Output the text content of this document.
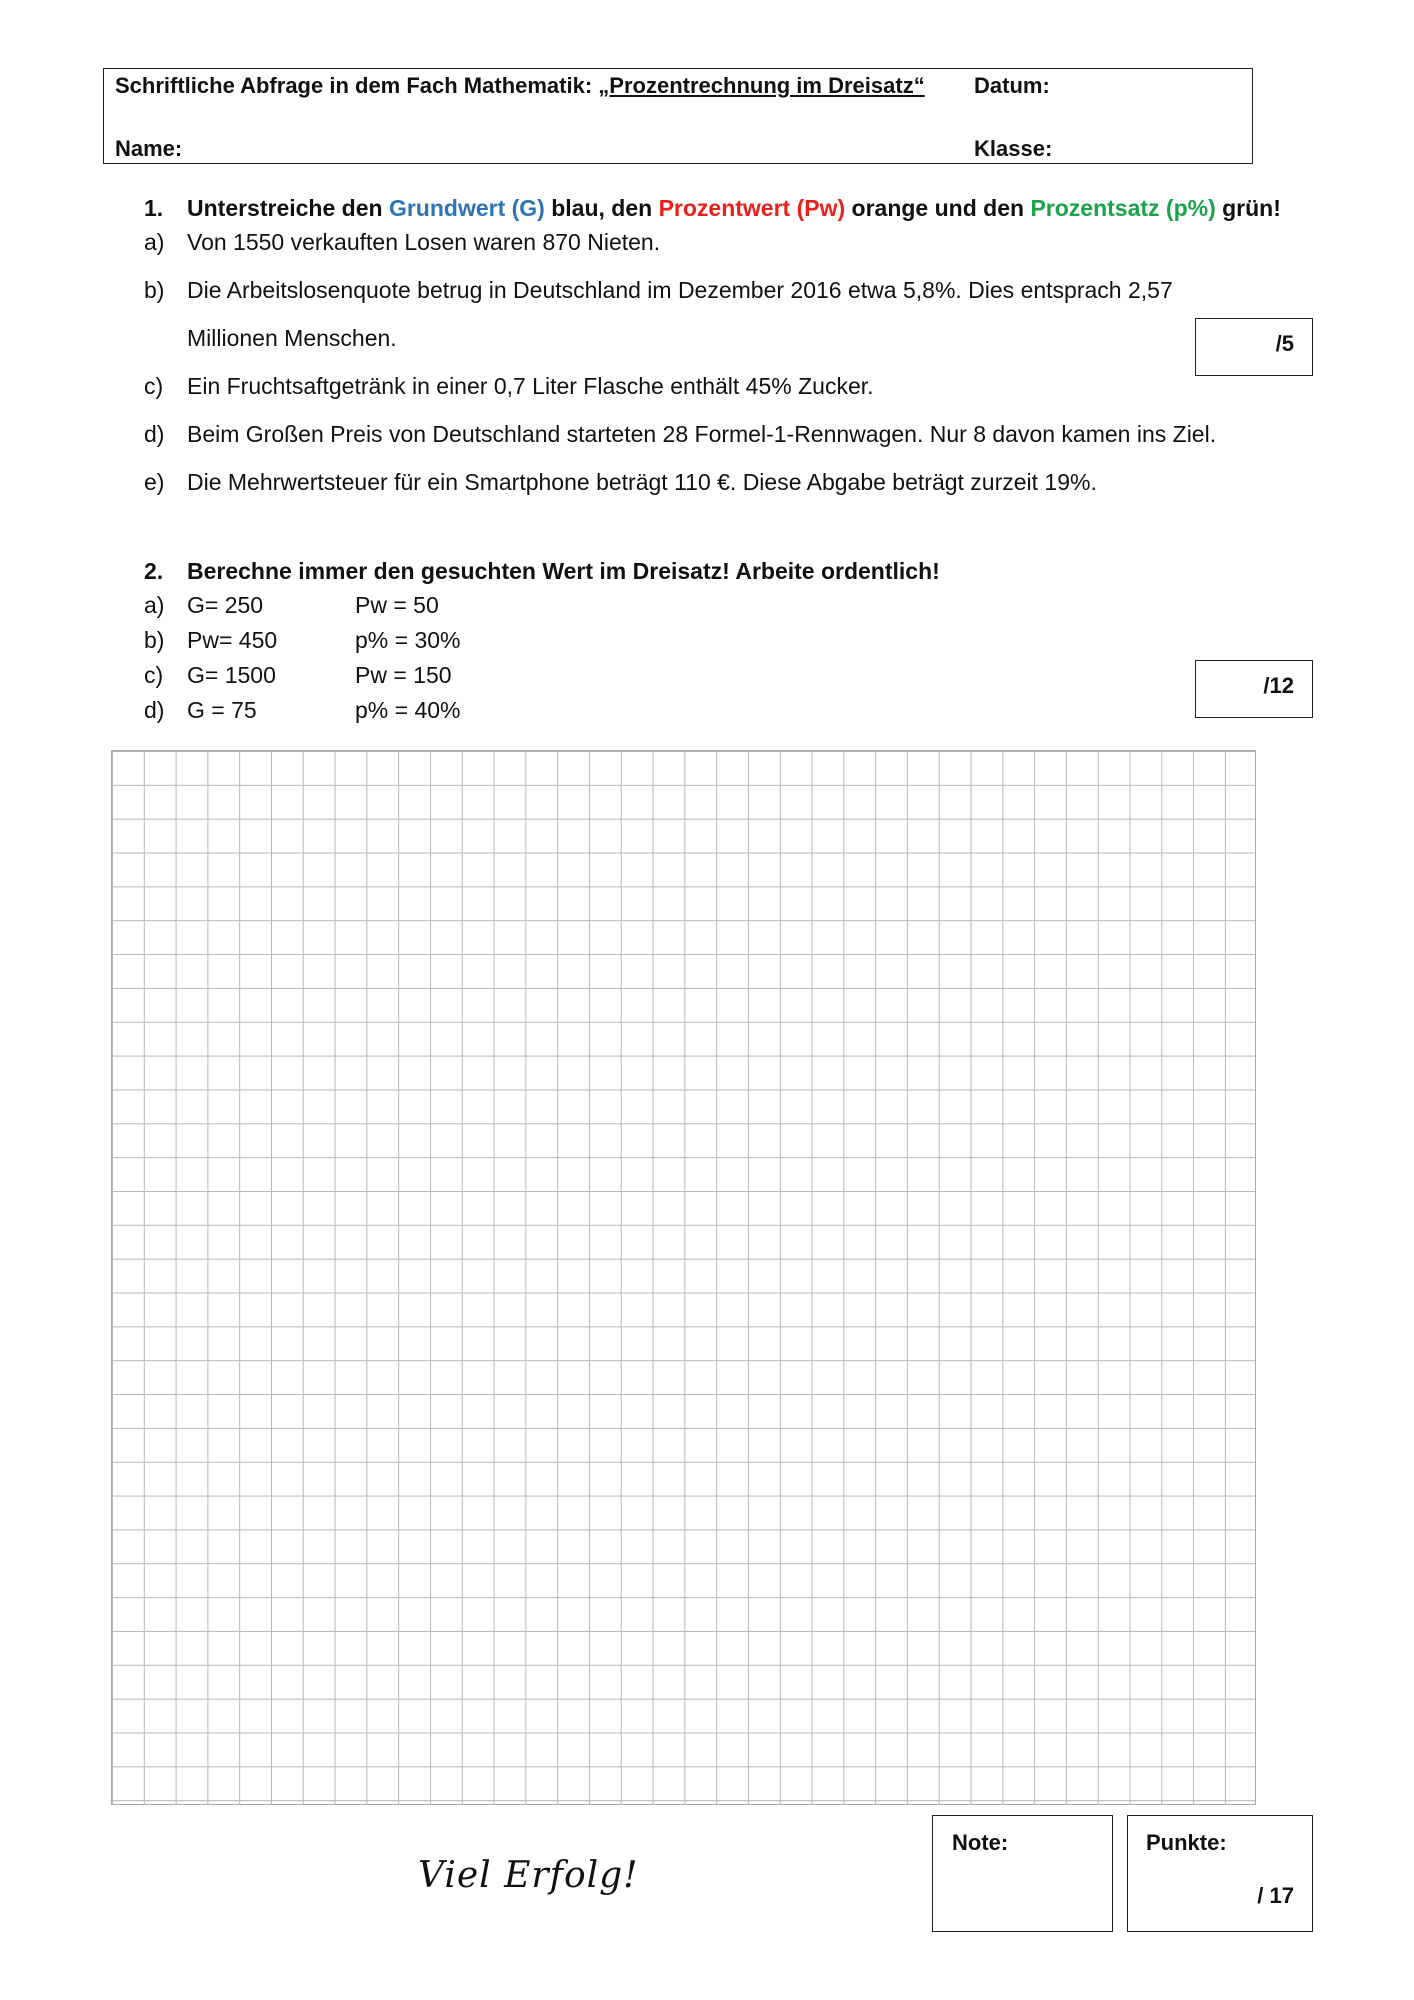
Schriftliche Abfrage in dem Fach Mathematik: „Prozentrechnung im Dreisatz“ Datum:
Name:	Klasse:
1. Unterstreiche den Grundwert (G) blau, den Prozentwert (Pw) orange und den Prozentsatz (p%) grün!
a) Von 1550 verkauften Losen waren 870 Nieten.
b) Die Arbeitslosenquote betrug in Deutschland im Dezember 2016 etwa 5,8%. Dies entsprach 2,57
Millionen Menschen.	/5
c) Ein Fruchtsaftgetränk in einer 0,7 Liter Flasche enthält 45% Zucker.
d) Beim Großen Preis von Deutschland starteten 28 Formel-1-Rennwagen. Nur 8 davon kamen ins Ziel.
e) Die Mehrwertsteuer für ein Smartphone beträgt 110 €. Diese Abgabe beträgt zurzeit 19%.
2. Berechne immer den gesuchten Wert im Dreisatz! Arbeite ordentlich!
a) G= 250	Pw = 50
b) Pw= 450	p% = 30%
c) G= 1500	Pw = 150
d) G = 75	p% = 40%
/12
Viel Erfolg!
Note:	Punkte:
/ 17
